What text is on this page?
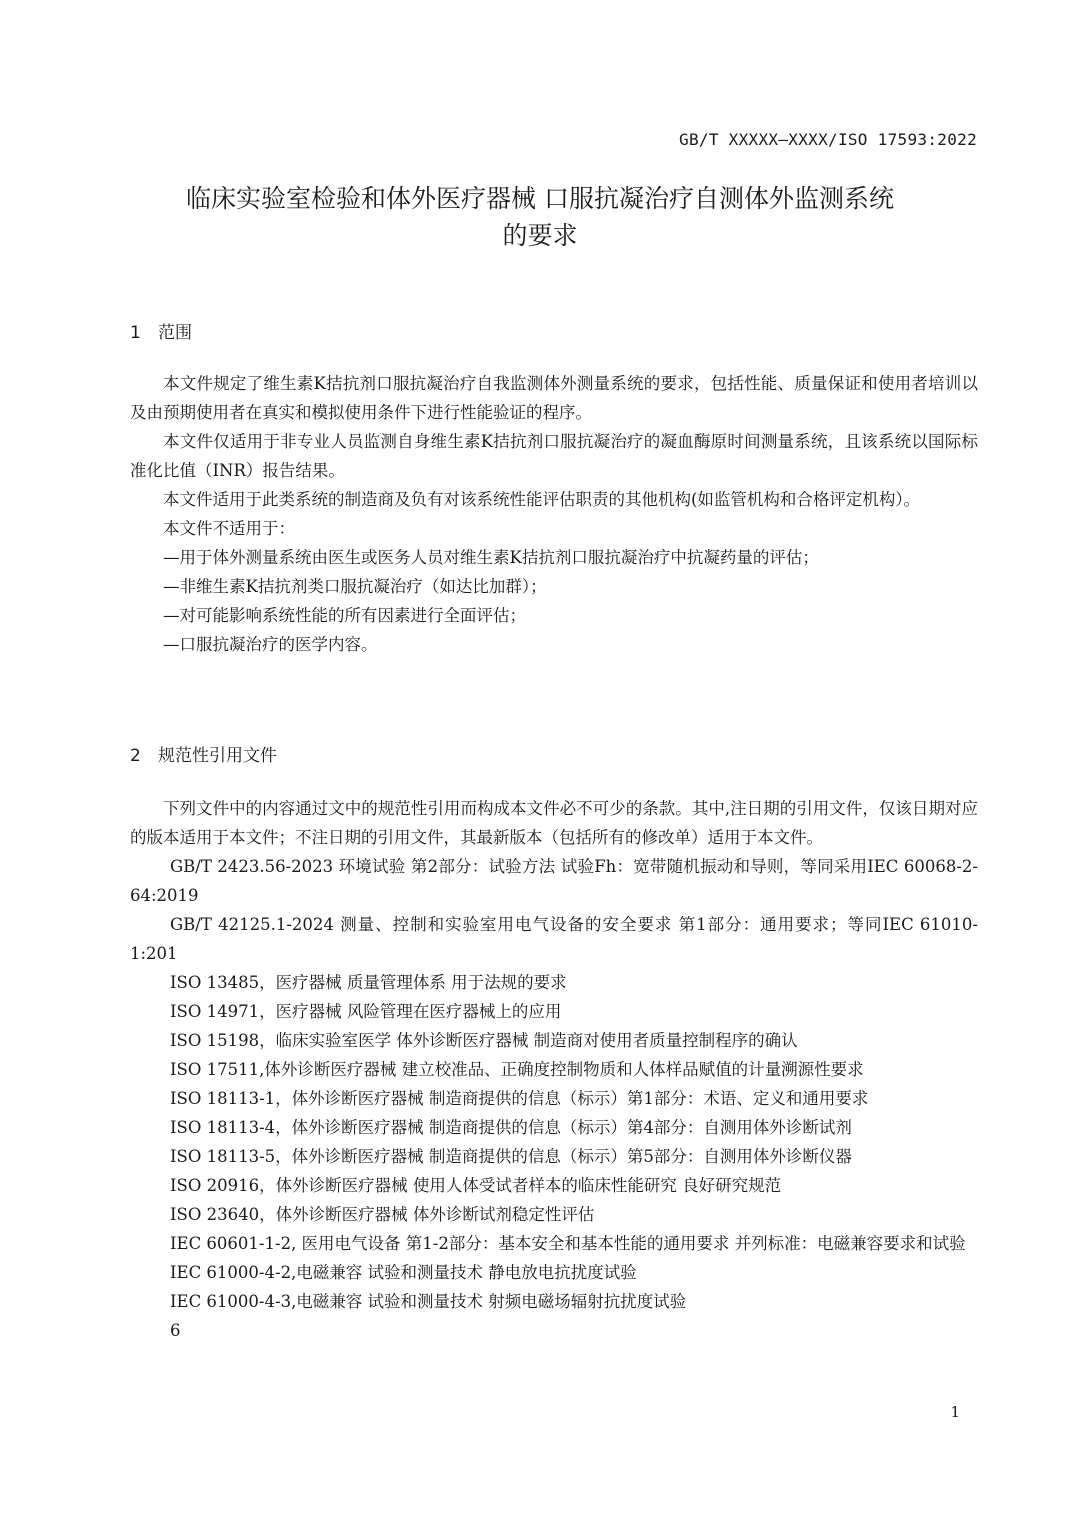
GB/T XXXXX—XXXX/ISO 17593:2022
临床实验室检验和体外医疗器械 口服抗凝治疗自测体外监测系统
的要求
1 范围

本文件规定了维生素K拮抗剂口服抗凝治疗自我监测体外测量系统的要求，包括性能、质量保证和使用者培训以及由预期使用者在真实和模拟使用条件下进行性能验证的程序。

本文件仅适用于非专业人员监测自身维生素K拮抗剂口服抗凝治疗的凝血酶原时间测量系统，且该系统以国际标准化比值（INR）报告结果。

本文件适用于此类系统的制造商及负有对该系统性能评估职责的其他机构(如监管机构和合格评定机构）。

本文件不适用于：

—用于体外测量系统由医生或医务人员对维生素K拮抗剂口服抗凝治疗中抗凝药量的评估；

—非维生素K拮抗剂类口服抗凝治疗（如达比加群）；

—对可能影响系统性能的所有因素进行全面评估；

—口服抗凝治疗的医学内容。

2 规范性引用文件

下列文件中的内容通过文中的规范性引用而构成本文件必不可少的条款。其中,注日期的引用文件，仅该日期对应的版本适用于本文件；不注日期的引用文件，其最新版本（包括所有的修改单）适用于本文件。

GB/T 2423.56-2023 环境试验 第2部分：试验方法 试验Fh：宽带随机振动和导则，等同采用IEC 60068-2-64:2019

GB/T 42125.1-2024 测量、控制和实验室用电气设备的安全要求 第1部分：通用要求；等同IEC 61010-1:201

ISO 13485，医疗器械 质量管理体系 用于法规的要求

ISO 14971，医疗器械 风险管理在医疗器械上的应用

ISO 15198，临床实验室医学 体外诊断医疗器械 制造商对使用者质量控制程序的确认

ISO 17511,体外诊断医疗器械 建立校准品、正确度控制物质和人体样品赋值的计量溯源性要求

ISO 18113-1，体外诊断医疗器械 制造商提供的信息（标示）第1部分：术语、定义和通用要求

ISO 18113-4，体外诊断医疗器械 制造商提供的信息（标示）第4部分：自测用体外诊断试剂

ISO 18113-5，体外诊断医疗器械 制造商提供的信息（标示）第5部分：自测用体外诊断仪器

ISO 20916，体外诊断医疗器械 使用人体受试者样本的临床性能研究 良好研究规范

ISO 23640，体外诊断医疗器械 体外诊断试剂稳定性评估

IEC 60601-1-2, 医用电气设备 第1-2部分：基本安全和基本性能的通用要求 并列标准：电磁兼容要求和试验

IEC 61000-4-2,电磁兼容 试验和测量技术 静电放电抗扰度试验

IEC 61000-4-3,电磁兼容 试验和测量技术 射频电磁场辐射抗扰度试验

6

1
